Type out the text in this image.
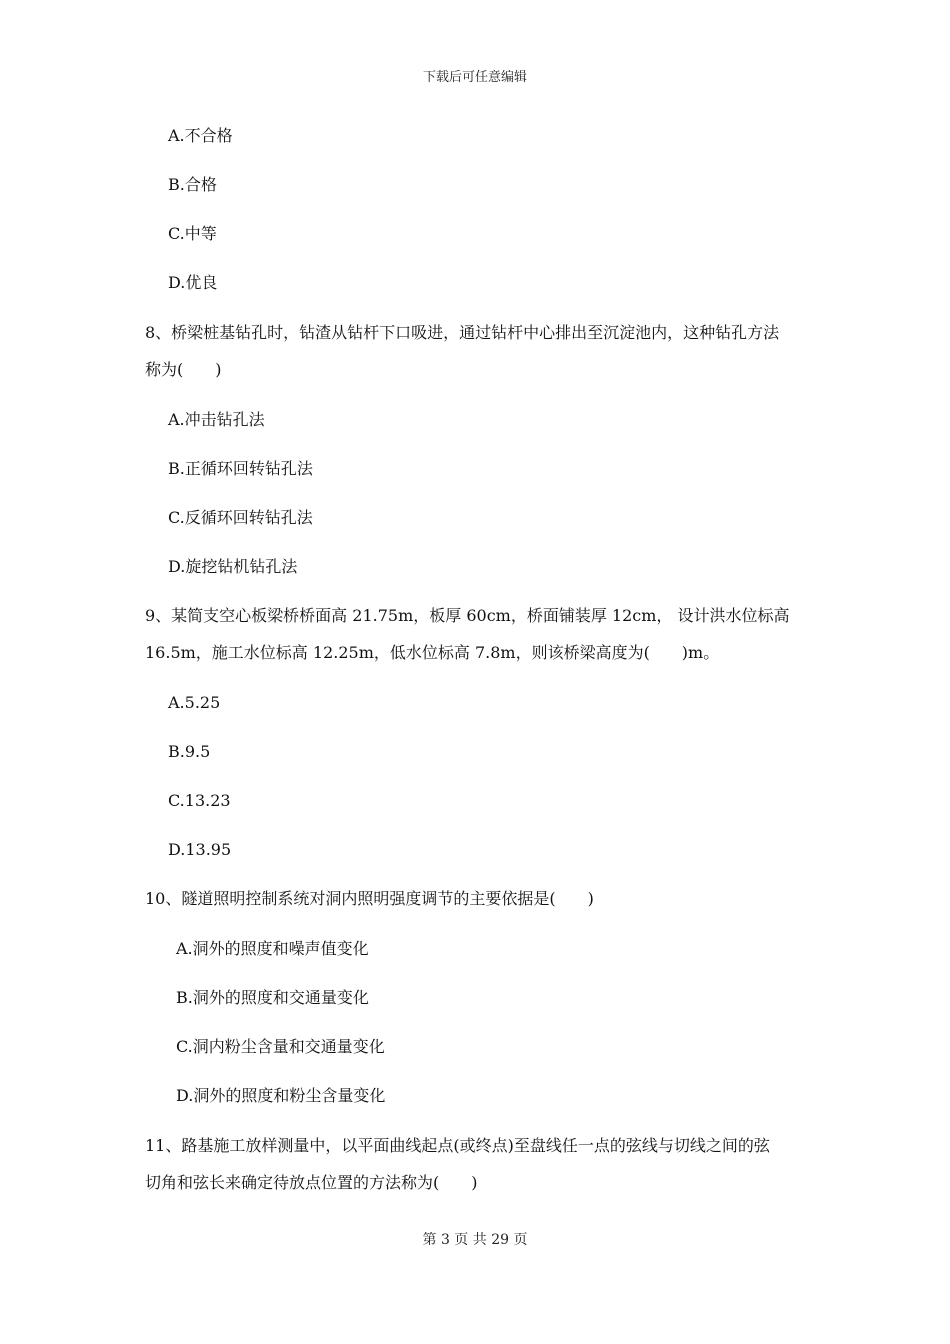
下载后可任意编辑
A.不合格
B.合格
C.中等
D.优良
8、桥梁桩基钻孔时，钻渣从钻杆下口吸进，通过钻杆中心排出至沉淀池内，这种钻孔方法
称为(　　)
A.冲击钻孔法
B.正循环回转钻孔法
C.反循环回转钻孔法
D.旋挖钻机钻孔法
9、某简支空心板梁桥桥面高 21.75m，板厚 60cm，桥面铺装厚 12cm， 设计洪水位标高
16.5m，施工水位标高 12.25m，低水位标高 7.8m，则该桥梁高度为(　　)m。
A.5.25
B.9.5
C.13.23
D.13.95
10、隧道照明控制系统对洞内照明强度调节的主要依据是(　　)
A.洞外的照度和噪声值变化
B.洞外的照度和交通量变化
C.洞内粉尘含量和交通量变化
D.洞外的照度和粉尘含量变化
11、路基施工放样测量中，以平面曲线起点(或终点)至盘线任一点的弦线与切线之间的弦
切角和弦长来确定待放点位置的方法称为(　　)
第 3 页 共 29 页
